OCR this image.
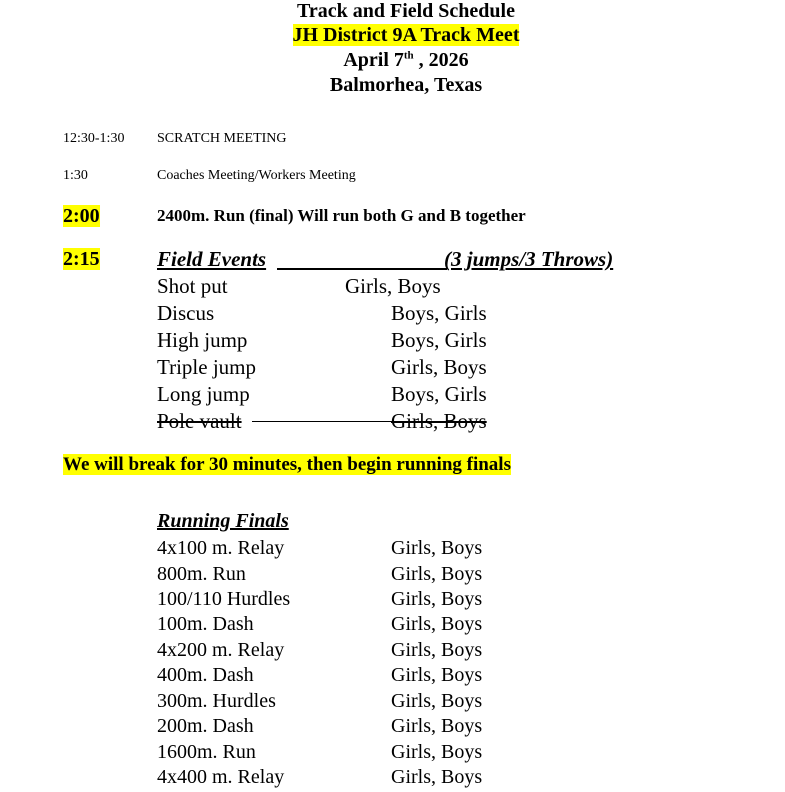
Track and Field Schedule
JH District 9A Track Meet
April 7th , 2026
Balmorhea, Texas
12:30-1:30 SCRATCH MEETING
1:30	Coaches Meeting/Workers Meeting
2:00	2400m. Run (final) Will run both G and B together
2:15	Field Events	(3 jumps/3 Throws)
Shot put	Girls, Boys
Discus	Boys, Girls
High jump	Boys, Girls
Triple jump	Girls, Boys
Long jump	Boys, Girls
Pole vault	Girls, Boys
We will break for 30 minutes, then begin running finals
Running Finals
4x100 m. Relay	Girls, Boys
800m. Run	Girls, Boys
100/110 Hurdles	Girls, Boys
100m. Dash	Girls, Boys
4x200 m. Relay	Girls, Boys
400m. Dash	Girls, Boys
300m. Hurdles	Girls, Boys
200m. Dash	Girls, Boys
1600m. Run	Girls, Boys
4x400 m. Relay	Girls, Boys
